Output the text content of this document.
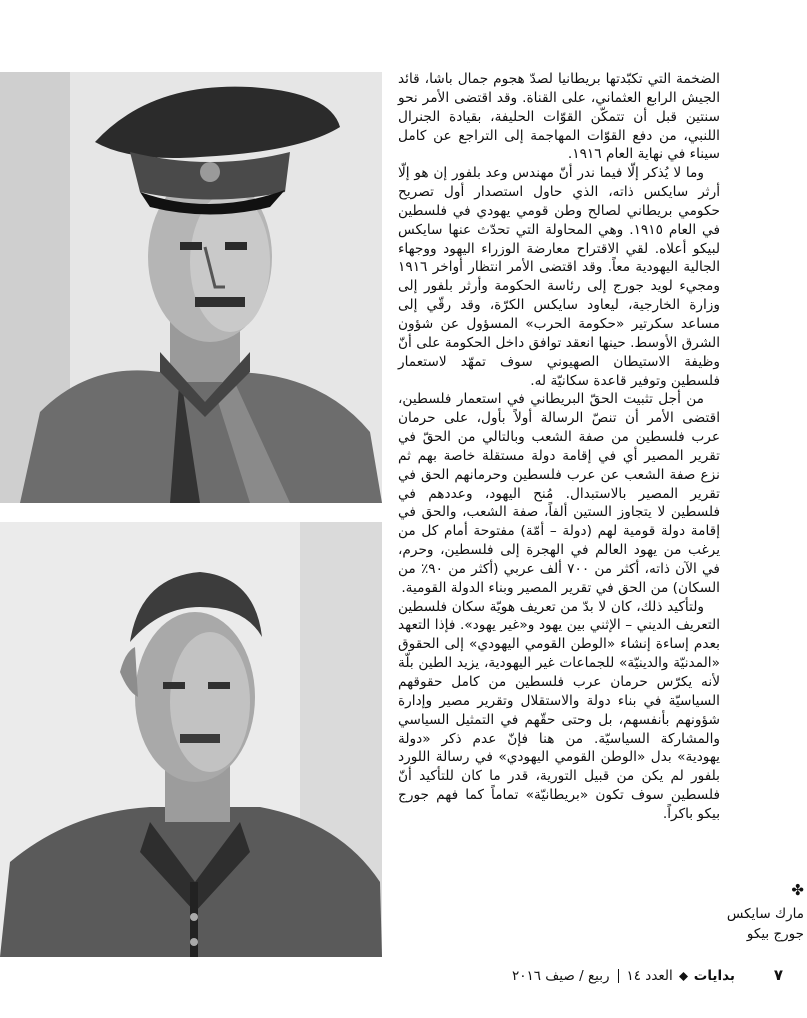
الضخمة التي تكبّدتها بريطانيا لصدّ هجوم جمال باشا، قائد الجيش الرابع العثماني، على القناة. وقد اقتضى الأمر نحو سنتين قبل أن تتمكّن القوّات الحليفة، بقيادة الجنرال اللنبي، من دفع القوّات المهاجمة إلى التراجع عن كامل سيناء في نهاية العام ١٩١٦.

وما لا يُذكر إلّا فيما ندر أنّ مهندس وعد بلفور إن هو إلّا أرثر سايكس ذاته، الذي حاول استصدار أول تصريح حكومي بريطاني لصالح وطن قومي يهودي في فلسطين في العام ١٩١٥. وهي المحاولة التي تحدّث عنها سايكس لبيكو أعلاه. لقي الاقتراح معارضة الوزراء اليهود ووجهاء الجالية اليهودية معاً. وقد اقتضى الأمر انتظار أواخر ١٩١٦ ومجيء لويد جورج إلى رئاسة الحكومة وأرثر بلفور إلى وزارة الخارجية، ليعاود سايكس الكرّة، وقد رقّي إلى مساعد سكرتير «حكومة الحرب» المسؤول عن شؤون الشرق الأوسط. حينها انعقد توافق داخل الحكومة على أنّ وظيفة الاستيطان الصهيوني سوف تمهّد لاستعمار فلسطين وتوفير قاعدة سكانيّة له.

من أجل تثبيت الحقّ البريطاني في استعمار فلسطين، اقتضى الأمر أن تنصّ الرسالة أولاً بأول، على حرمان عرب فلسطين من صفة الشعب وبالتالي من الحقّ في تقرير المصير أي في إقامة دولة مستقلة خاصة بهم ثم نزع صفة الشعب عن عرب فلسطين وحرمانهم الحق في تقرير المصير بالاستبدال. مُنح اليهود، وعددهم في فلسطين لا يتجاوز الستين ألفاً، صفة الشعب، والحق في إقامة دولة قومية لهم (دولة – أمّة) مفتوحة أمام كل من يرغب من يهود العالم في الهجرة إلى فلسطين، وحرم، في الآن ذاته، أكثر من ٧٠٠ ألف عربي (أكثر من ٩٠٪ من السكان) من الحق في تقرير المصير وبناء الدولة القومية.

ولتأكيد ذلك، كان لا بدّ من تعريف هويّة سكان فلسطين التعريف الديني – الإثني بين يهود و«غير يهود». فإذا التعهد بعدم إساءة إنشاء «الوطن القومي اليهودي» إلى الحقوق «المدنيّة والدينيّة» للجماعات غير اليهودية، يزيد الطين بلّة لأنه يكرّس حرمان عرب فلسطين من كامل حقوقهم السياسيّة في بناء دولة والاستقلال وتقرير مصير وإدارة شؤونهم بأنفسهم، بل وحتى حقّهم في التمثيل السياسي والمشاركة السياسيّة. من هنا فإنّ عدم ذكر «دولة يهودية» بدل «الوطن القومي اليهودي» في رسالة اللورد بلفور لم يكن من قبيل التورية، قدر ما كان للتأكيد أنّ فلسطين سوف تكون «بريطانيّة» تماماً كما فهم جورج بيكو باكراً.

✤
مارك سايكس
جورج بيكو
٧
بدايات
العدد ١٤
ربيع / صيف ٢٠١٦
